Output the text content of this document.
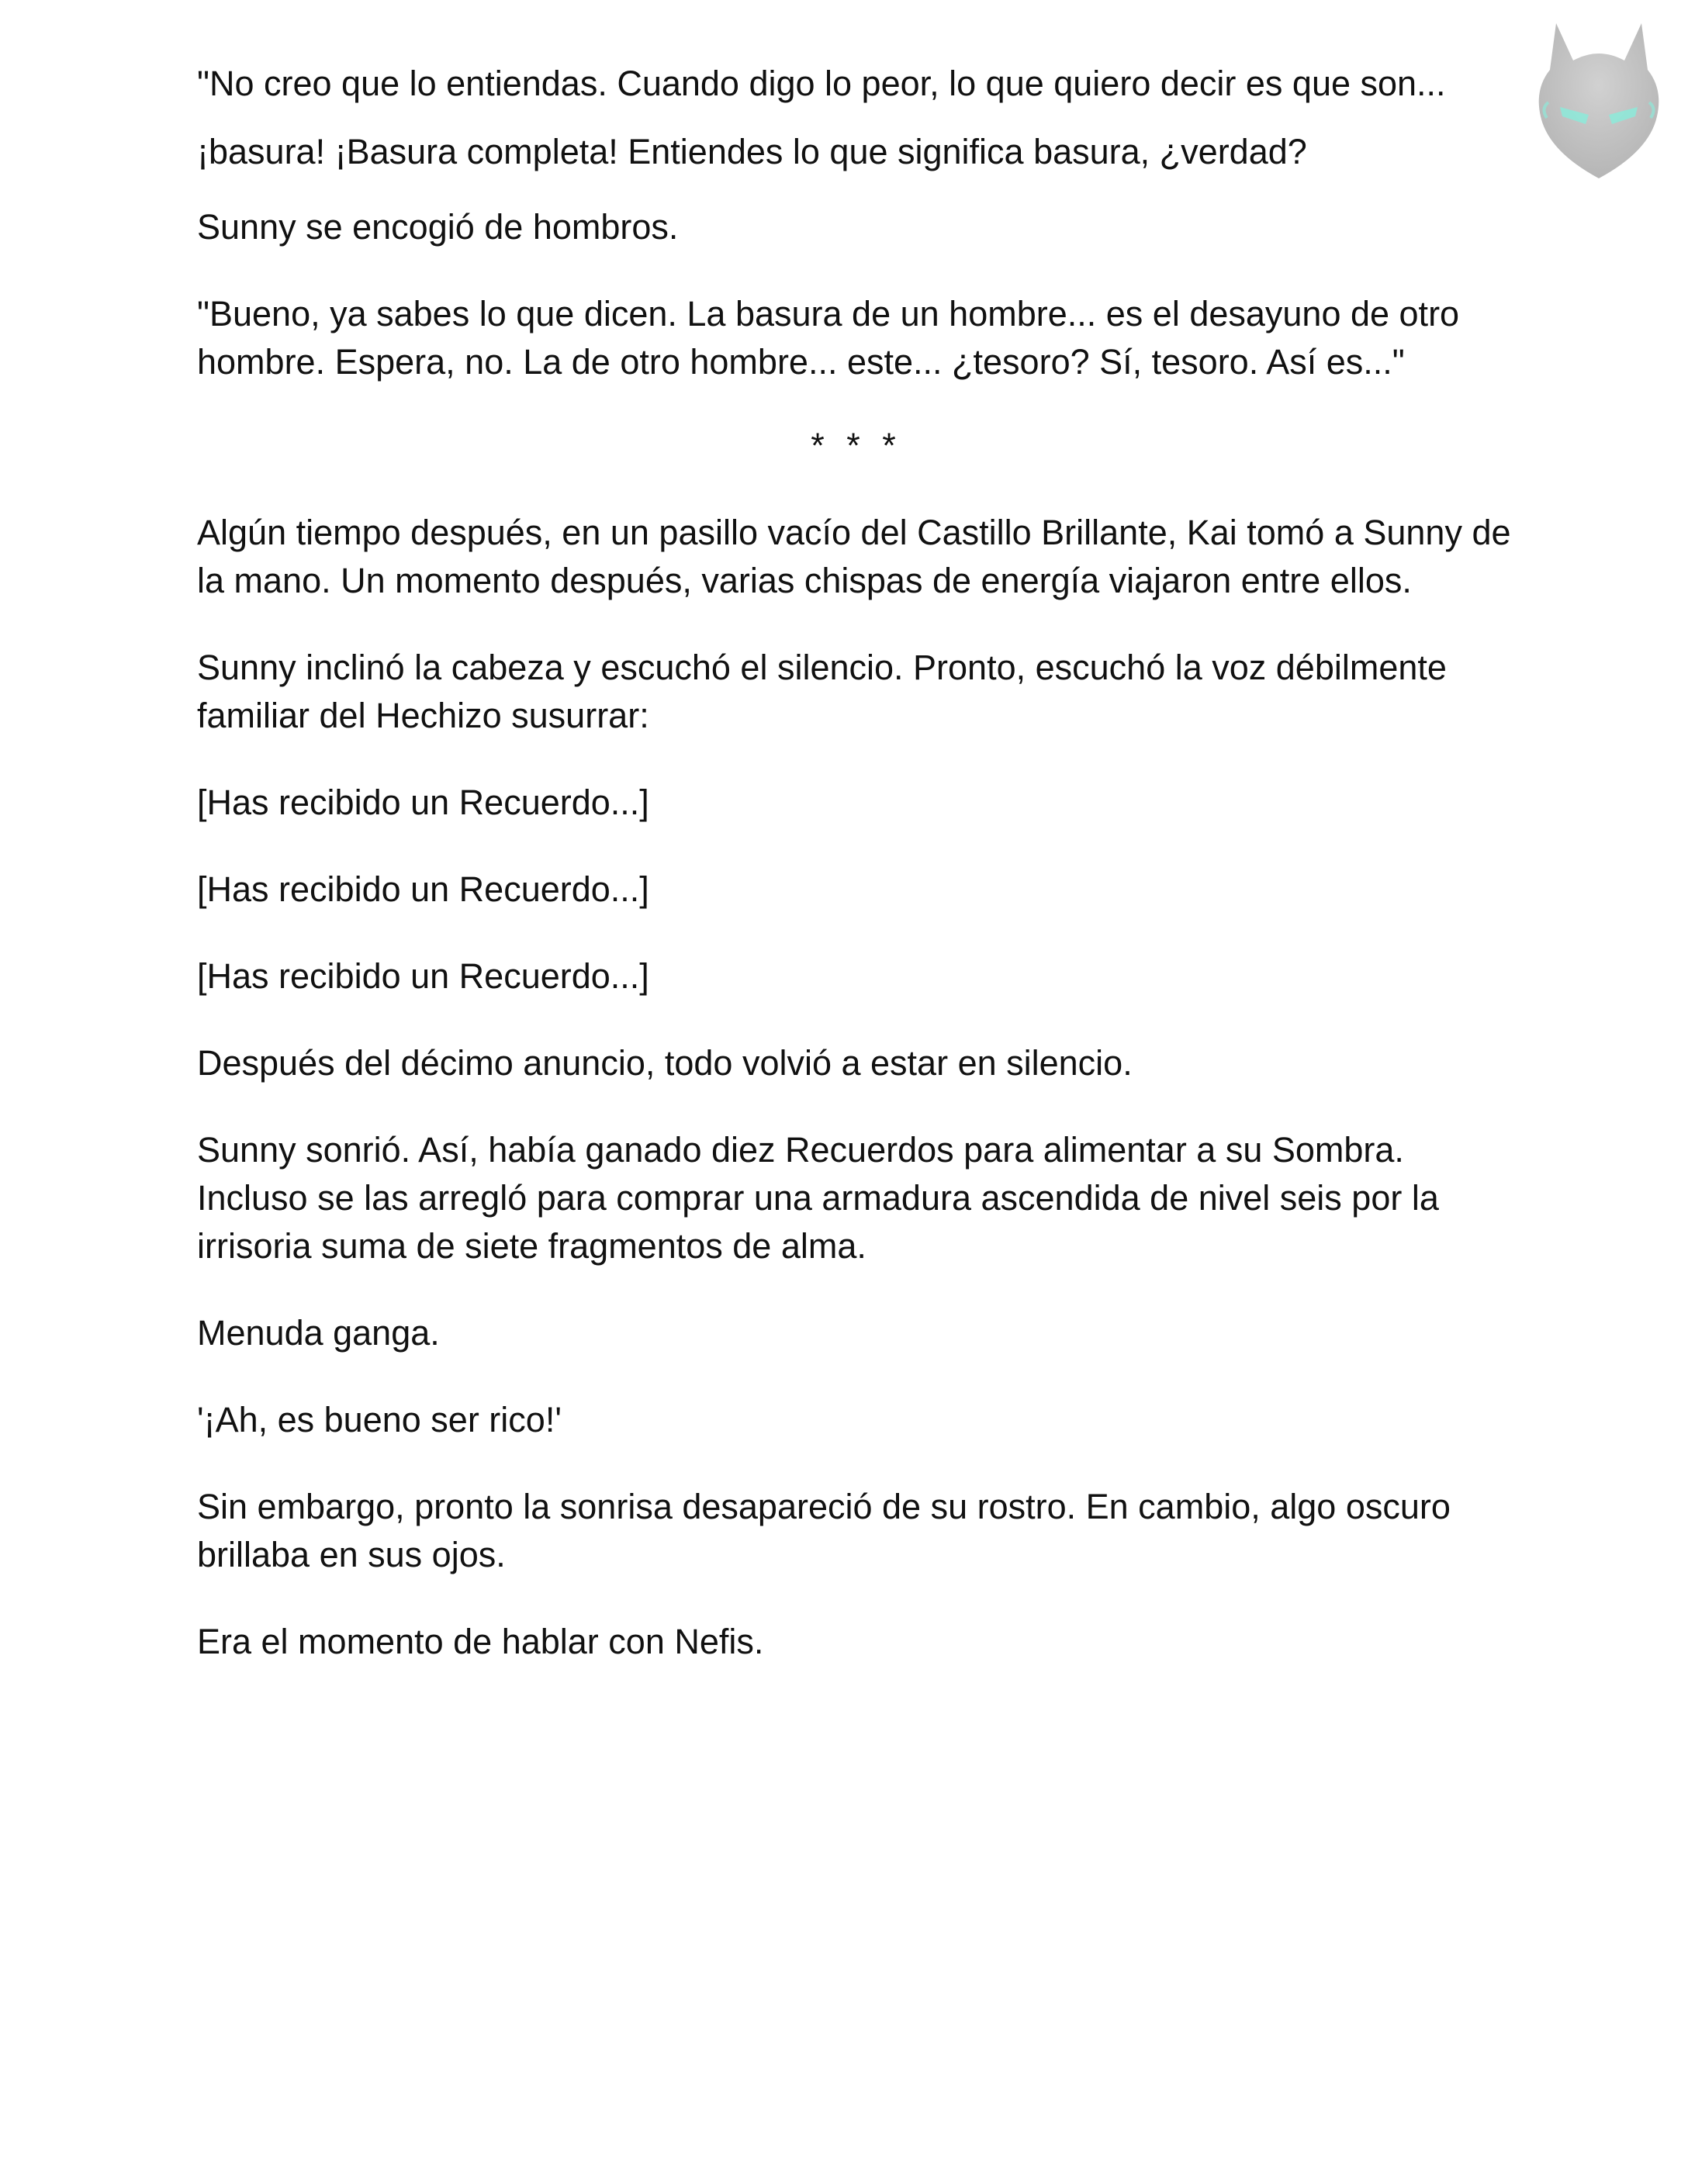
"No creo que lo entiendas. Cuando digo lo peor, lo que quiero decir es que son... ¡basura! ¡Basura completa! Entiendes lo que significa basura, ¿verdad?

Sunny se encogió de hombros.

"Bueno, ya sabes lo que dicen. La basura de un hombre... es el desayuno de otro hombre. Espera, no. La de otro hombre... este... ¿tesoro? Sí, tesoro. Así es..."

* * *

Algún tiempo después, en un pasillo vacío del Castillo Brillante, Kai tomó a Sunny de la mano. Un momento después, varias chispas de energía viajaron entre ellos.

Sunny inclinó la cabeza y escuchó el silencio. Pronto, escuchó la voz débilmente familiar del Hechizo susurrar:

[Has recibido un Recuerdo...]

[Has recibido un Recuerdo...]

[Has recibido un Recuerdo...]

Después del décimo anuncio, todo volvió a estar en silencio.

Sunny sonrió. Así, había ganado diez Recuerdos para alimentar a su Sombra. Incluso se las arregló para comprar una armadura ascendida de nivel seis por la irrisoria suma de siete fragmentos de alma.

Menuda ganga.

'¡Ah, es bueno ser rico!'

Sin embargo, pronto la sonrisa desapareció de su rostro. En cambio, algo oscuro brillaba en sus ojos.

Era el momento de hablar con Nefis.
